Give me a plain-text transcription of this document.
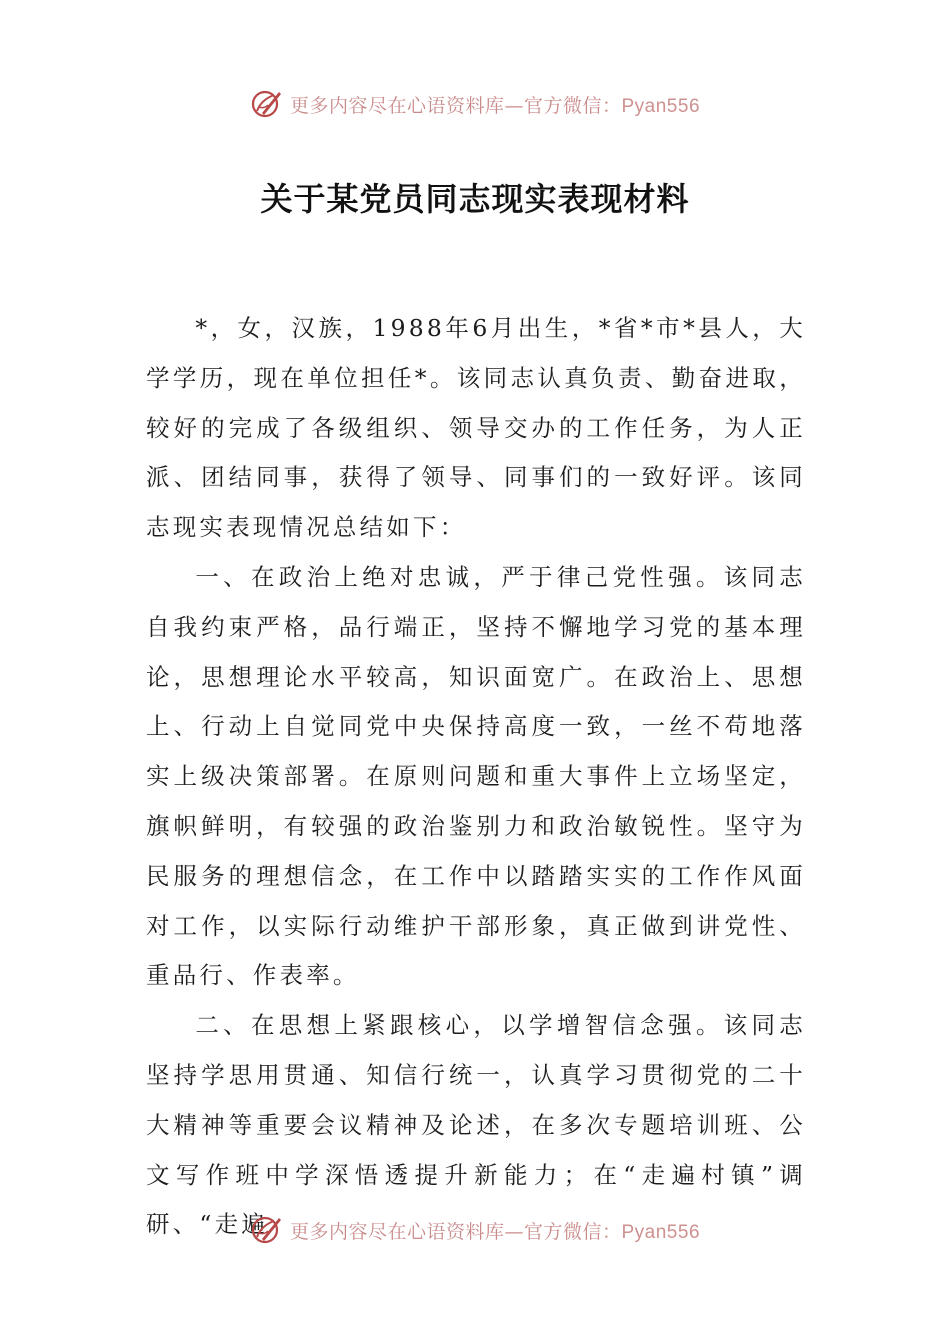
更多内容尽在心语资料库—官方微信：Pyan556
关于某党员同志现实表现材料

*，女，汉族，1988年6月出生，*省*市*县人，大学学历，现在单位担任*。该同志认真负责、勤奋进取，较好的完成了各级组织、领导交办的工作任务，为人正派、团结同事，获得了领导、同事们的一致好评。该同志现实表现情况总结如下：

一、在政治上绝对忠诚，严于律己党性强。该同志自我约束严格，品行端正，坚持不懈地学习党的基本理论，思想理论水平较高，知识面宽广。在政治上、思想上、行动上自觉同党中央保持高度一致，一丝不苟地落实上级决策部署。在原则问题和重大事件上立场坚定，旗帜鲜明，有较强的政治鉴别力和政治敏锐性。坚守为民服务的理想信念，在工作中以踏踏实实的工作作风面对工作，以实际行动维护干部形象，真正做到讲党性、重品行、作表率。

二、在思想上紧跟核心，以学增智信念强。该同志坚持学思用贯通、知信行统一，认真学习贯彻党的二十大精神等重要会议精神及论述，在多次专题培训班、公文写作班中学深悟透提升新能力；在“走遍村镇”调研、“走遍	更多内容尽在心语资料库—官方微信：Pyan556
